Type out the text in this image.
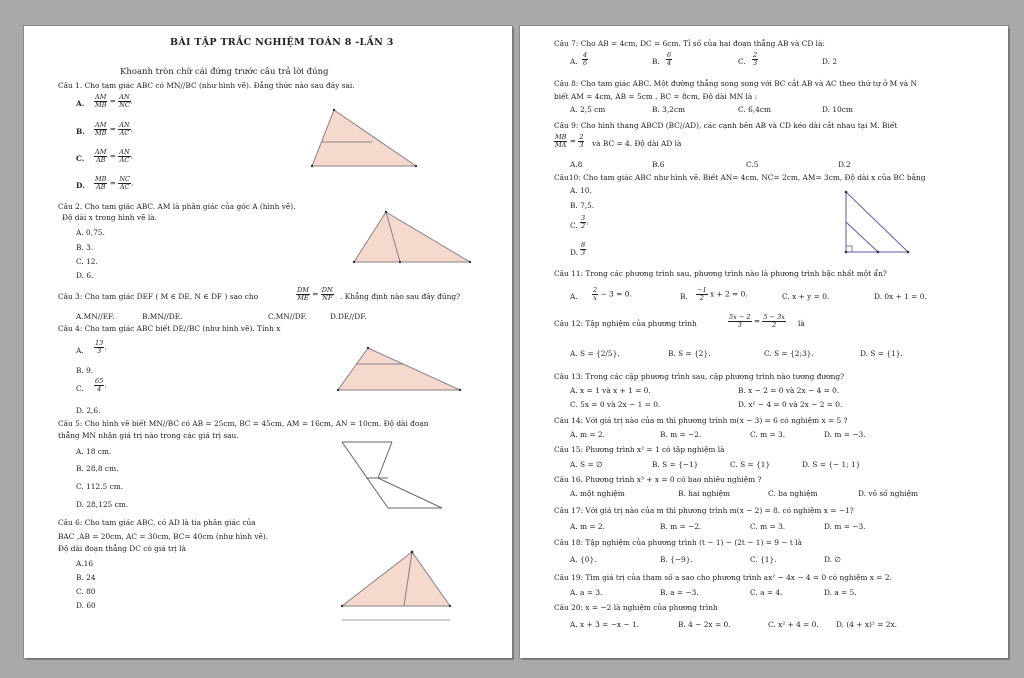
BÀI TẬP TRẮC NGHIỆM TOÁN 8 -LẦN 3
Khoanh tròn chữ cái đứng trước câu trả lời đúng
Câu 1. Cho tam giác ABC có MN//BC (như hình vẽ). Đẳng thức nào sau đây sai.
A. $\frac{AM}{MB} = \frac{AN}{NC}$ .
B. $\frac{AM}{MB} = \frac{AN}{AC}$ .
C. $\frac{AM}{AB} = \frac{AN}{AC}$ .
D. $\frac{MB}{AB} = \frac{NC}{AC}$ .
Câu 2. Cho tam giác ABC. AM là phân giác của góc A (hình vẽ).
Độ dài x trong hình vẽ là.
A. 0,75.
B. 3.
C. 12.
D. 6.
Câu 3: Cho tam giác DEF ( M ∈ DE, N ∈ DF ) sao cho	$\frac{DM}{ME} = \frac{DN}{NF}$ . Khẳng định nào sau đây đúng?
A.MN//EF.	B.MN//DE.	C.MN//DF.	D.DE//DF.
Câu 4: Cho tam giác ABC biết DE//BC (như hình vẽ). Tính x
A. $\frac{13}{3}$ .
B. 9.
C. $\frac{65}{4}$ .
D. 2,6.
Câu 5: Cho hình vẽ biết MN//BC có AB = 25cm, BC = 45cm, AM = 16cm, AN = 10cm. Độ dài đoạn
thẳng MN nhận giá trị nào trong các giá trị sau.
A. 18 cm.
B. 28,8 cm.
C. 112.5 cm.
D. 28,125 cm.
Câu 6: Cho tam giác ABC, có AD là tia phân giác của
BAC ,AB = 20cm, AC = 30cm, BC= 40cm (như hình vẽ).
Độ dài đoạn thẳng DC có giá trị là
A.16
B. 24
C. 80
D. 60
Câu 7: Cho AB = 4cm, DC = 6cm. Tỉ số của hai đoạn thẳng AB và CD là:
A. $\frac{4}{6}$	B. $\frac{6}{4}$	C. $\frac{2}{3}$	D. 2
Câu 8: Cho tam giác ABC. Một đường thẳng song song với BC cắt AB và AC theo thứ tự ở M và N
biết AM = 4cm, AB = 5cm , BC = 8cm, Độ dài MN là :
A. 2,5 cm	B. 3,2cm	C. 6,4cm	D. 10cm
Câu 9: Cho hình thang ABCD (BC//AD), các cạnh bên AB và CD kéo dài cắt nhau tại M. Biết
$\frac{MB}{MA} = \frac{2}{3}$ và BC = 4. Độ dài AD là
A.8	B.6	C.5	D.2
Câu10: Cho tam giác ABC như hình vẽ. Biết AN= 4cm, NC= 2cm, AM= 3cm, Độ dài x của BC bằng
A. 10.
B. 7,5.
C. $\frac{3}{2}$ .
D. $\frac{8}{3}$
Câu 11: Trong các phương trình sau, phương trình nào là phương trình bậc nhất một ẩn?
A. $\frac{2}{x} - 3 = 0$.	B. $\frac{-1}{2}$ x + 2 = 0.	C. x + y = 0.	D. 0x + 1 = 0.
Câu 12: Tập nghiệm của phương trình	$\frac{5x - 2}{3} = \frac{5 - 3x}{2}$ là
A. S = {2/5}.	B. S = {2}.	C. S = {2;3}.	D. S = {1}.
Câu 13: Trong các cặp phương trình sau, cặp phương trình nào tương đương?
A. x = 1 và x + 1 = 0.	B. x − 2 = 0 và 2x − 4 = 0.
C. 5x = 0 và 2x − 1 = 0.	D. x² − 4 = 0 và 2x − 2 = 0.
Câu 14: Với giá trị nào của m thì phương trình m(x − 3) = 6 có nghiệm x = 5 ?
A. m = 2.	B. m = −2.	C. m = 3.	D. m = −3.
Câu 15: Phương trình x² = 1 có tập nghiệm là
A. S = ∅	B. S = {−1}	C. S = {1}	D. S = {− 1; 1}
Câu 16. Phương trình x³ + x = 0 có bao nhiêu nghiệm ?
A. một nghiệm	B. hai nghiệm	C. ba nghiệm	D. vô số nghiệm
Câu 17: Với giá trị nào của m thì phương trình m(x − 2) = 8. có nghiệm x = −1?
A. m = 2.	B. m = −2.	C. m = 3.	D. m = −3.
Câu 18: Tập nghiệm của phương trình (t − 1) − (2t − 1) = 9 − t là
A. {0}.	B. {−9}.	C. {1}.	D. ∅
Câu 19: Tìm giá trị của tham số a sao cho phương trình ax² − 4x − 4 = 0 có nghiệm x = 2.
A. a = 3.	B. a = −3.	C. a = 4.	D. a = 5.
Câu 20: x = −2 là nghiệm của phương trình
A. x + 3 = −x − 1.	B. 4 − 2x = 0.	C. x² + 4 = 0. D. (4 + x)² = 2x.
